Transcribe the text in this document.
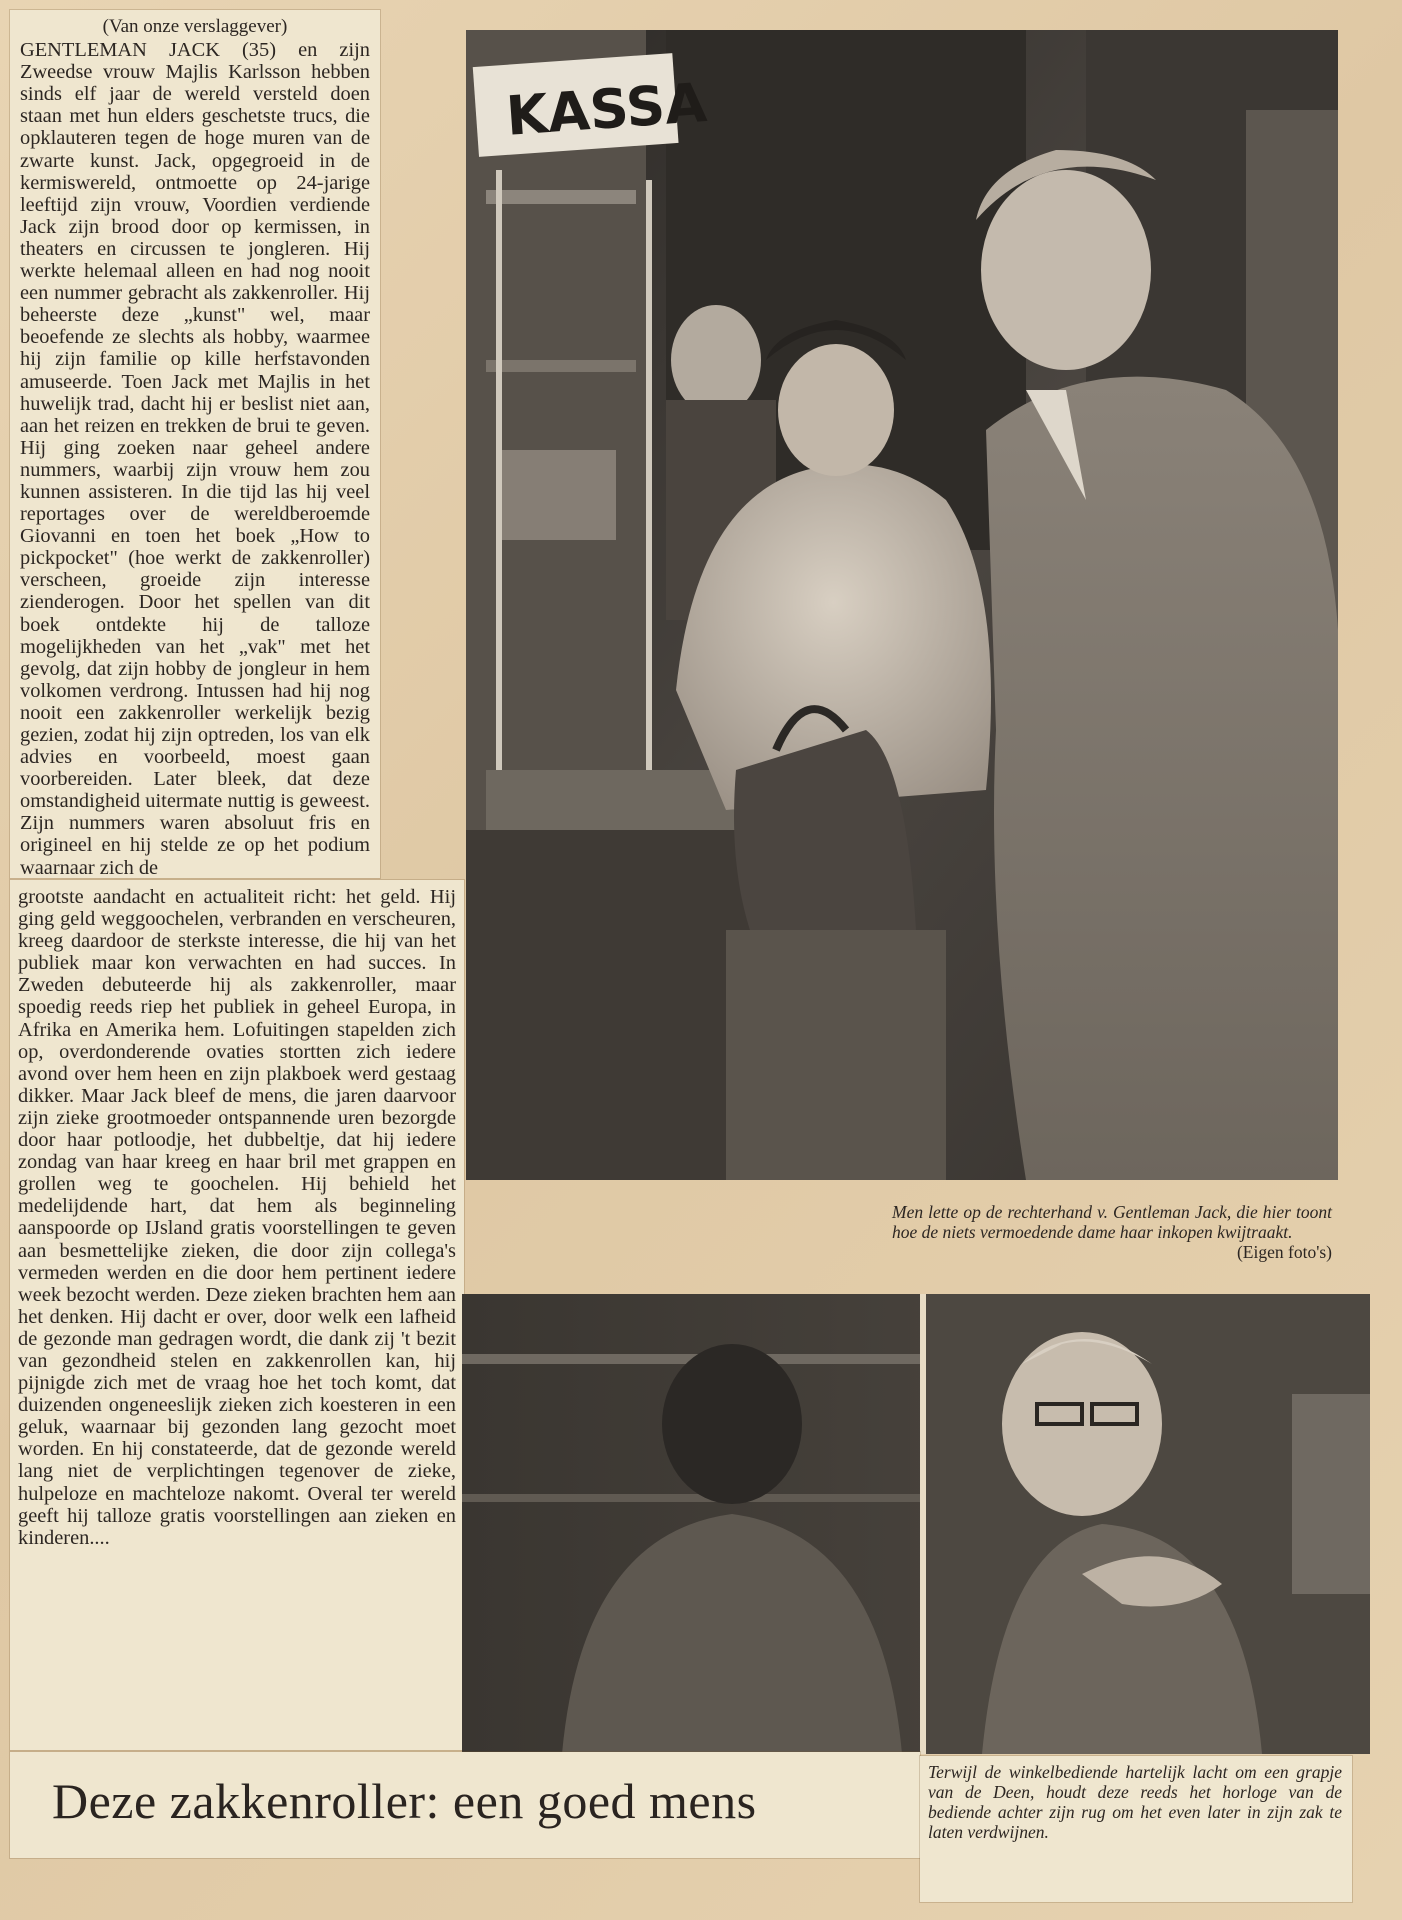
(Van onze verslaggever)

GENTLEMAN JACK (35) en zijn Zweedse vrouw Majlis Karlsson hebben sinds elf jaar de wereld versteld doen staan met hun elders geschetste trucs, die opklauteren tegen de hoge muren van de zwarte kunst. Jack, opgegroeid in de kermiswereld, ontmoette op 24-jarige leeftijd zijn vrouw, Voordien verdiende Jack zijn brood door op kermissen, in theaters en circussen te jongleren. Hij werkte helemaal alleen en had nog nooit een nummer gebracht als zakkenroller. Hij beheerste deze „kunst" wel, maar beoefende ze slechts als hobby, waarmee hij zijn familie op kille herfstavonden amuseerde. Toen Jack met Majlis in het huwelijk trad, dacht hij er beslist niet aan, aan het reizen en trekken de brui te geven. Hij ging zoeken naar geheel andere nummers, waarbij zijn vrouw hem zou kunnen assisteren. In die tijd las hij veel reportages over de wereldberoemde Giovanni en toen het boek „How to pickpocket" (hoe werkt de zakkenroller) verscheen, groeide zijn interesse zienderogen. Door het spellen van dit boek ontdekte hij de talloze mogelijkheden van het „vak" met het gevolg, dat zijn hobby de jongleur in hem volkomen verdrong. Intussen had hij nog nooit een zakkenroller werkelijk bezig gezien, zodat hij zijn optreden, los van elk advies en voorbeeld, moest gaan voorbereiden. Later bleek, dat deze omstandigheid uitermate nuttig is geweest. Zijn nummers waren absoluut fris en origineel en hij stelde ze op het podium waarnaar zich de

grootste aandacht en actualiteit richt: het geld. Hij ging geld weggoochelen, verbranden en verscheuren, kreeg daardoor de sterkste interesse, die hij van het publiek maar kon verwachten en had succes. In Zweden debuteerde hij als zakkenroller, maar spoedig reeds riep het publiek in geheel Europa, in Afrika en Amerika hem. Lofuitingen stapelden zich op, overdonderende ovaties stortten zich iedere avond over hem heen en zijn plakboek werd gestaag dikker. Maar Jack bleef de mens, die jaren daarvoor zijn zieke grootmoeder ontspannende uren bezorgde door haar potloodje, het dubbeltje, dat hij iedere zondag van haar kreeg en haar bril met grappen en grollen weg te goochelen. Hij behield het medelijdende hart, dat hem als beginneling aanspoorde op IJsland gratis voorstellingen te geven aan besmettelijke zieken, die door zijn collega's vermeden werden en die door hem pertinent iedere week bezocht werden. Deze zieken brachten hem aan het denken. Hij dacht er over, door welk een lafheid de gezonde man gedragen wordt, die dank zij 't bezit van gezondheid stelen en zakkenrollen kan, hij pijnigde zich met de vraag hoe het toch komt, dat duizenden ongeneeslijk zieken zich koesteren in een geluk, waarnaar bij gezonden lang gezocht moet worden. En hij constateerde, dat de gezonde wereld lang niet de verplichtingen tegenover de zieke, hulpeloze en machteloze nakomt. Overal ter wereld geeft hij talloze gratis voorstellingen aan zieken en kinderen....

KASSA
Men lette op de rechterhand v. Gentleman Jack, die hier toont hoe de niets vermoedende dame haar inkopen kwijtraakt.
(Eigen foto's)
Deze zakkenroller: een goed mens
Terwijl de winkelbediende hartelijk lacht om een grapje van de Deen, houdt deze reeds het horloge van de bediende achter zijn rug om het even later in zijn zak te laten verdwijnen.
